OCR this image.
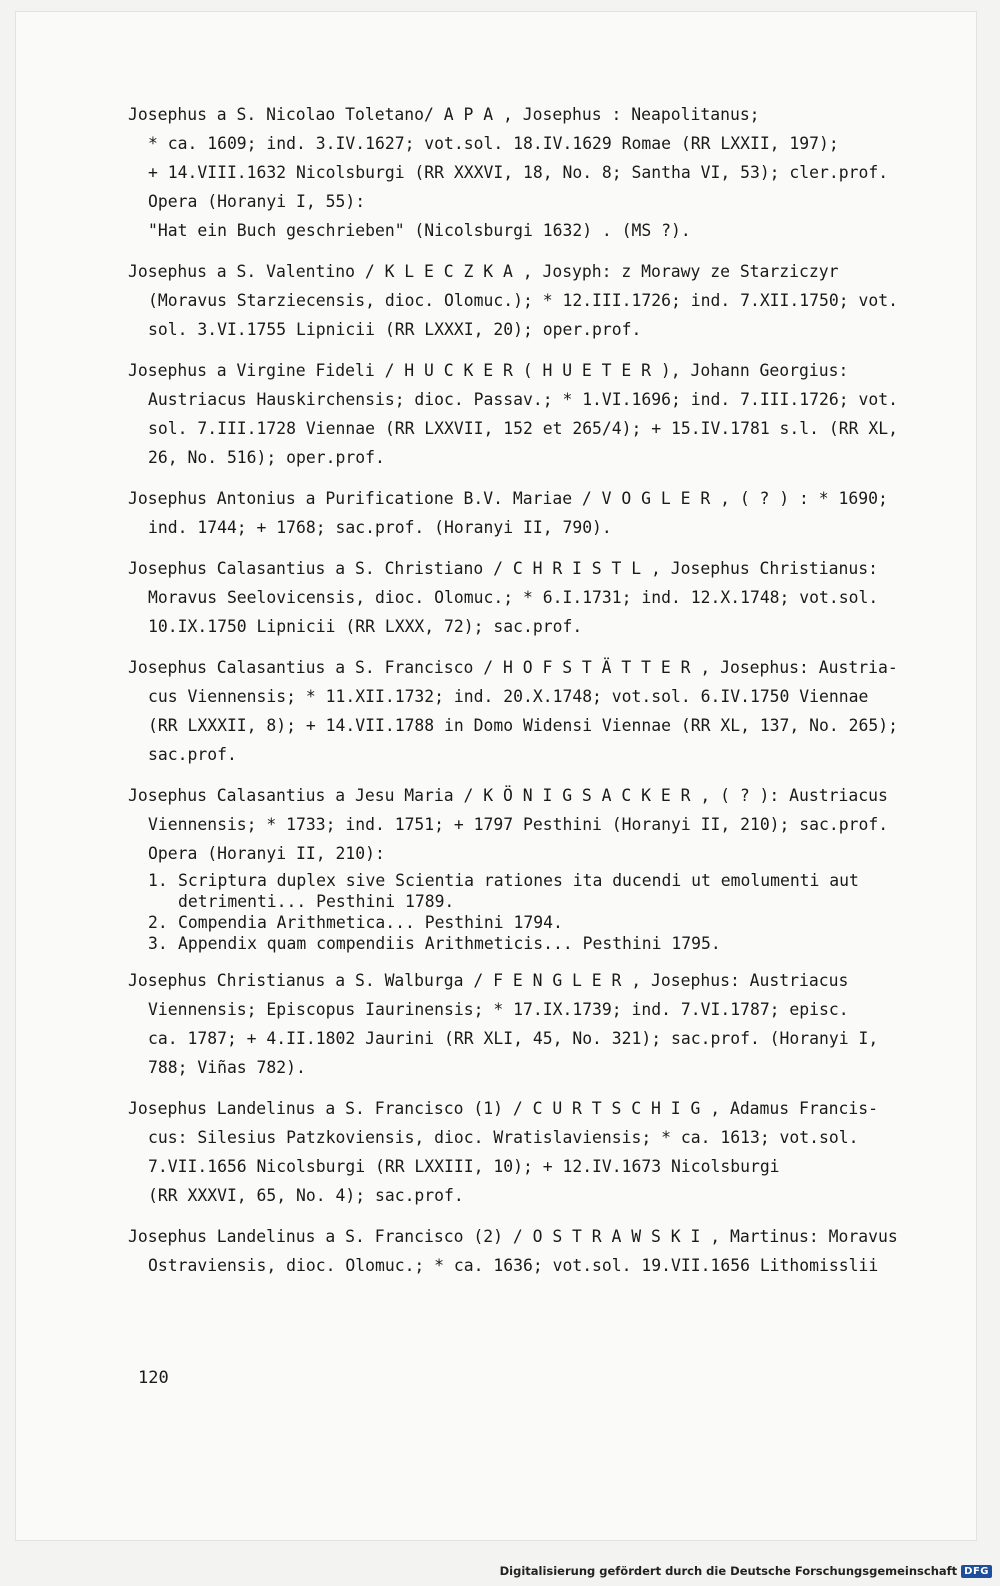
Josephus a S. Nicolao Toletano/ A P A , Josephus : Neapolitanus;
* ca. 1609; ind. 3.IV.1627; vot.sol. 18.IV.1629 Romae (RR LXXII, 197);
+ 14.VIII.1632 Nicolsburgi (RR XXXVI, 18, No. 8; Santha VI, 53); cler.prof.
Opera (Horanyi I, 55):
"Hat ein Buch geschrieben" (Nicolsburgi 1632) . (MS ?).
Josephus a S. Valentino / K L E C Z K A , Josyph: z Morawy ze Starziczyr
(Moravus Starziecensis, dioc. Olomuc.); * 12.III.1726; ind. 7.XII.1750; vot.
sol. 3.VI.1755 Lipnicii (RR LXXXI, 20); oper.prof.
Josephus a Virgine Fideli / H U C K E R ( H U E T E R ), Johann Georgius:
Austriacus Hauskirchensis; dioc. Passav.; * 1.VI.1696; ind. 7.III.1726; vot.
sol. 7.III.1728 Viennae (RR LXXVII, 152 et 265/4); + 15.IV.1781 s.l. (RR XL,
26, No. 516); oper.prof.
Josephus Antonius a Purificatione B.V. Mariae / V O G L E R , ( ? ) : * 1690;
ind. 1744; + 1768; sac.prof. (Horanyi II, 790).
Josephus Calasantius a S. Christiano / C H R I S T L , Josephus Christianus:
Moravus Seelovicensis, dioc. Olomuc.; * 6.I.1731; ind. 12.X.1748; vot.sol.
10.IX.1750 Lipnicii (RR LXXX, 72); sac.prof.
Josephus Calasantius a S. Francisco / H O F S T Ä T T E R , Josephus: Austria-
cus Viennensis; * 11.XII.1732; ind. 20.X.1748; vot.sol. 6.IV.1750 Viennae
(RR LXXXII, 8); + 14.VII.1788 in Domo Widensi Viennae (RR XL, 137, No. 265);
sac.prof.
Josephus Calasantius a Jesu Maria / K Ö N I G S A C K E R , ( ? ): Austriacus
Viennensis; * 1733; ind. 1751; + 1797 Pesthini (Horanyi II, 210); sac.prof.
Opera (Horanyi II, 210):
1. Scriptura duplex sive Scientia rationes ita ducendi ut emolumenti aut
detrimenti... Pesthini 1789.
2. Compendia Arithmetica... Pesthini 1794.
3. Appendix quam compendiis Arithmeticis... Pesthini 1795.
Josephus Christianus a S. Walburga / F E N G L E R , Josephus: Austriacus
Viennensis; Episcopus Iaurinensis; * 17.IX.1739; ind. 7.VI.1787; episc.
ca. 1787; + 4.II.1802 Jaurini (RR XLI, 45, No. 321); sac.prof. (Horanyi I,
788; Viñas 782).
Josephus Landelinus a S. Francisco (1) / C U R T S C H I G , Adamus Francis-
cus: Silesius Patzkoviensis, dioc. Wratislaviensis; * ca. 1613; vot.sol.
7.VII.1656 Nicolsburgi (RR LXXIII, 10); + 12.IV.1673 Nicolsburgi
(RR XXXVI, 65, No. 4); sac.prof.
Josephus Landelinus a S. Francisco (2) / O S T R A W S K I , Martinus: Moravus
Ostraviensis, dioc. Olomuc.; * ca. 1636; vot.sol. 19.VII.1656 Lithomisslii
120
Digitalisierung gefördert durch die Deutsche Forschungsgemeinschaft DFG
